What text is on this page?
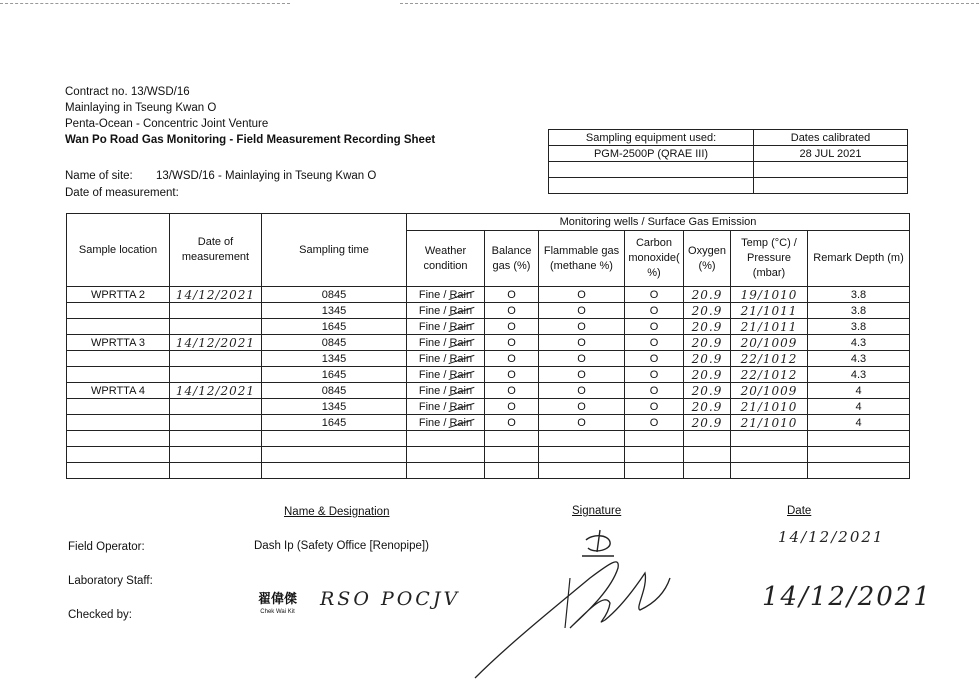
Contract no. 13/WSD/16
Mainlaying in Tseung Kwan O
Penta-Ocean - Concentric Joint Venture
Wan Po Road Gas Monitoring - Field Measurement Recording Sheet
Name of site: 13/WSD/16 - Mainlaying in Tseung Kwan O
Date of measurement:
Sampling equipment used:	Dates calibrated
PGM-2500P (QRAE III)	28 JUL 2021

Sample location	Date of measurement	Sampling time	Monitoring wells / Surface Gas Emission						
			Weather condition	Balance gas (%)	Flammable gas (methane %)	Carbon monoxide( %)	Oxygen (%)	Temp (°C) / Pressure (mbar)	Remark Depth (m)
WPRTTA 2	14/12/2021	0845	Fine / Rain	O	O	O	20.9	19/1010	3.8
		1345	Fine / Rain	O	O	O	20.9	21/1011	3.8
		1645	Fine / Rain	O	O	O	20.9	21/1011	3.8
WPRTTA 3	14/12/2021	0845	Fine / Rain	O	O	O	20.9	20/1009	4.3
		1345	Fine / Rain	O	O	O	20.9	22/1012	4.3
		1645	Fine / Rain	O	O	O	20.9	22/1012	4.3
WPRTTA 4	14/12/2021	0845	Fine / Rain	O	O	O	20.9	20/1009	4
		1345	Fine / Rain	O	O	O	20.9	21/1010	4
		1645	Fine / Rain	O	O	O	20.9	21/1010	4

Name & Designation	Signature	Date
Field Operator:	Dash Ip (Safety Office [Renopipe])	14/12/2021
Laboratory Staff:
Checked by:
翟偉傑
Chek Wai Kit
RSO POCJV	14/12/2021
